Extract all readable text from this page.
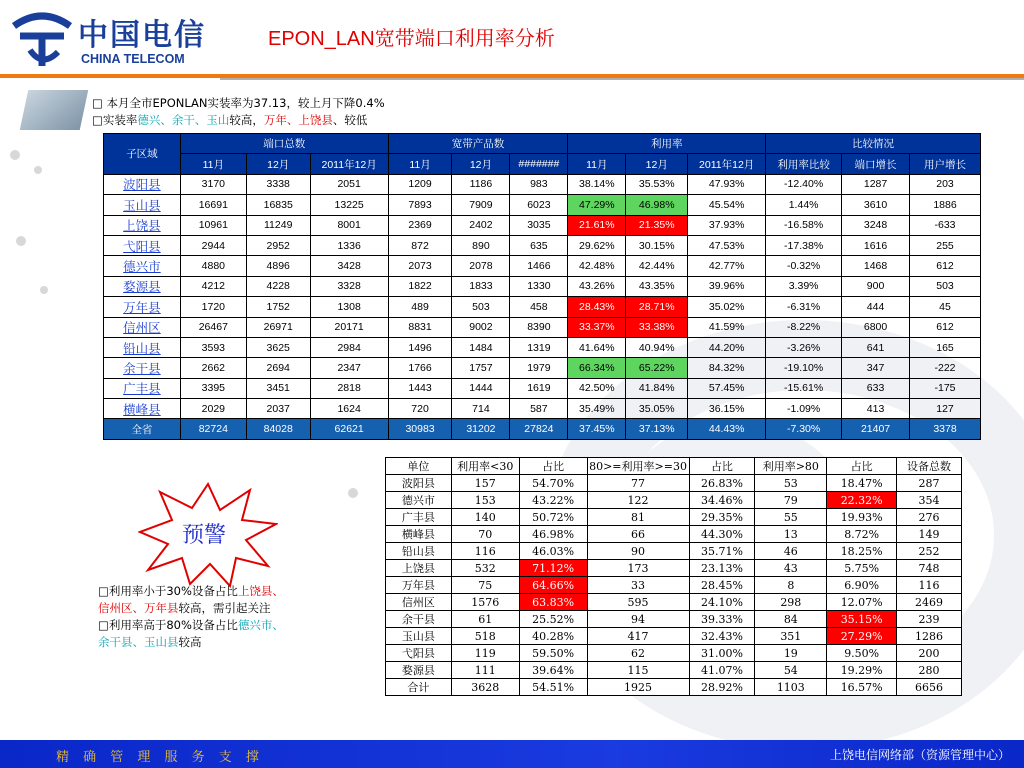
中国电信
CHINA TELECOM
EPON_LAN宽带端口利用率分析
□ 本月全市EPONLAN实装率为37.13，较上月下降0.4%
□实装率德兴、余干、玉山较高，万年、上饶县、较低
子区域	端口总数			宽带产品数			利用率			比较情况		
	11月	12月	2011年12月	11月	12月	#######	11月	12月	2011年12月	利用率比较	端口增长	用户增长
波阳县	3170	3338	2051	1209	1186	983	38.14%	35.53%	47.93%	-12.40%	1287	203
玉山县	16691	16835	13225	7893	7909	6023	47.29%	46.98%	45.54%	1.44%	3610	1886
上饶县	10961	11249	8001	2369	2402	3035	21.61%	21.35%	37.93%	-16.58%	3248	-633
弋阳县	2944	2952	1336	872	890	635	29.62%	30.15%	47.53%	-17.38%	1616	255
德兴市	4880	4896	3428	2073	2078	1466	42.48%	42.44%	42.77%	-0.32%	1468	612
婺源县	4212	4228	3328	1822	1833	1330	43.26%	43.35%	39.96%	3.39%	900	503
万年县	1720	1752	1308	489	503	458	28.43%	28.71%	35.02%	-6.31%	444	45
信州区	26467	26971	20171	8831	9002	8390	33.37%	33.38%	41.59%	-8.22%	6800	612
铅山县	3593	3625	2984	1496	1484	1319	41.64%	40.94%	44.20%	-3.26%	641	165
余干县	2662	2694	2347	1766	1757	1979	66.34%	65.22%	84.32%	-19.10%	347	-222
广丰县	3395	3451	2818	1443	1444	1619	42.50%	41.84%	57.45%	-15.61%	633	-175
横峰县	2029	2037	1624	720	714	587	35.49%	35.05%	36.15%	-1.09%	413	127
全省	82724	84028	62621	30983	31202	27824	37.45%	37.13%	44.43%	-7.30%	21407	3378
预警
□利用率小于30%设备占比上饶县、
信州区、万年县较高，需引起关注
□利用率高于80%设备占比德兴市、
余干县、玉山县较高
单位	利用率<30	占比	80>=利用率>=30	占比	利用率>80	占比	设备总数
波阳县	157	54.70%	77	26.83%	53	18.47%	287
德兴市	153	43.22%	122	34.46%	79	22.32%	354
广丰县	140	50.72%	81	29.35%	55	19.93%	276
横峰县	70	46.98%	66	44.30%	13	8.72%	149
铅山县	116	46.03%	90	35.71%	46	18.25%	252
上饶县	532	71.12%	173	23.13%	43	5.75%	748
万年县	75	64.66%	33	28.45%	8	6.90%	116
信州区	1576	63.83%	595	24.10%	298	12.07%	2469
余干县	61	25.52%	94	39.33%	84	35.15%	239
玉山县	518	40.28%	417	32.43%	351	27.29%	1286
弋阳县	119	59.50%	62	31.00%	19	9.50%	200
婺源县	111	39.64%	115	41.07%	54	19.29%	280
合计	3628	54.51%	1925	28.92%	1103	16.57%	6656
精 确 管 理 服 务 支 撑	上饶电信网络部（资源管理中心）
